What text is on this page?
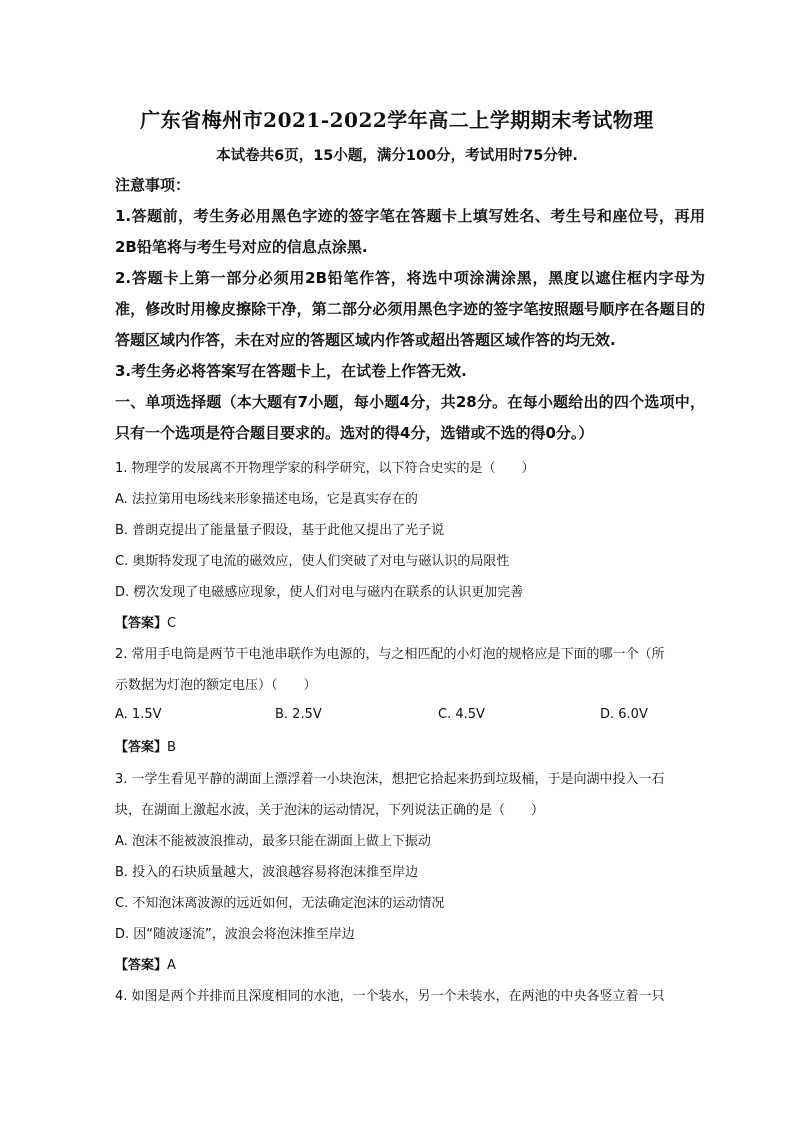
广东省梅州市2021-2022学年高二上学期期末考试物理
本试卷共6页，15小题，满分100分，考试用时75分钟.
注意事项：
1.答题前，考生务必用黑色字迹的签字笔在答题卡上填写姓名、考生号和座位号，再用2B铅笔将与考生号对应的信息点涂黑.
2.答题卡上第一部分必须用2B铅笔作答，将选中项涂满涂黑，黑度以遮住框内字母为准，修改时用橡皮擦除干净，第二部分必须用黑色字迹的签字笔按照题号顺序在各题目的答题区域内作答，未在对应的答题区域内作答或超出答题区域作答的均无效.
3.考生务必将答案写在答题卡上，在试卷上作答无效.
一、单项选择题（本大题有7小题，每小题4分，共28分。在每小题给出的四个选项中，只有一个选项是符合题目要求的。选对的得4分，选错或不选的得0分。）
1. 物理学的发展离不开物理学家的科学研究，以下符合史实的是（　　）
A. 法拉第用电场线来形象描述电场，它是真实存在的
B. 普朗克提出了能量量子假设，基于此他又提出了光子说
C. 奥斯特发现了电流的磁效应，使人们突破了对电与磁认识的局限性
D. 楞次发现了电磁感应现象，使人们对电与磁内在联系的认识更加完善
【答案】C
2. 常用手电筒是两节干电池串联作为电源的，与之相匹配的小灯泡的规格应是下面的哪一个（所
示数据为灯泡的额定电压）（　　）
A. 1.5V	B. 2.5V	C. 4.5V	D. 6.0V
【答案】B
3. 一学生看见平静的湖面上漂浮着一小块泡沫，想把它拾起来扔到垃圾桶，于是向湖中投入一石
块，在湖面上激起水波，关于泡沫的运动情况，下列说法正确的是（　　）
A. 泡沫不能被波浪推动，最多只能在湖面上做上下振动
B. 投入的石块质量越大，波浪越容易将泡沫推至岸边
C. 不知泡沫离波源的远近如何，无法确定泡沫的运动情况
D. 因“随波逐流”，波浪会将泡沫推至岸边
【答案】A
4. 如图是两个并排而且深度相同的水池，一个装水，另一个未装水，在两池的中央各竖立着一只
